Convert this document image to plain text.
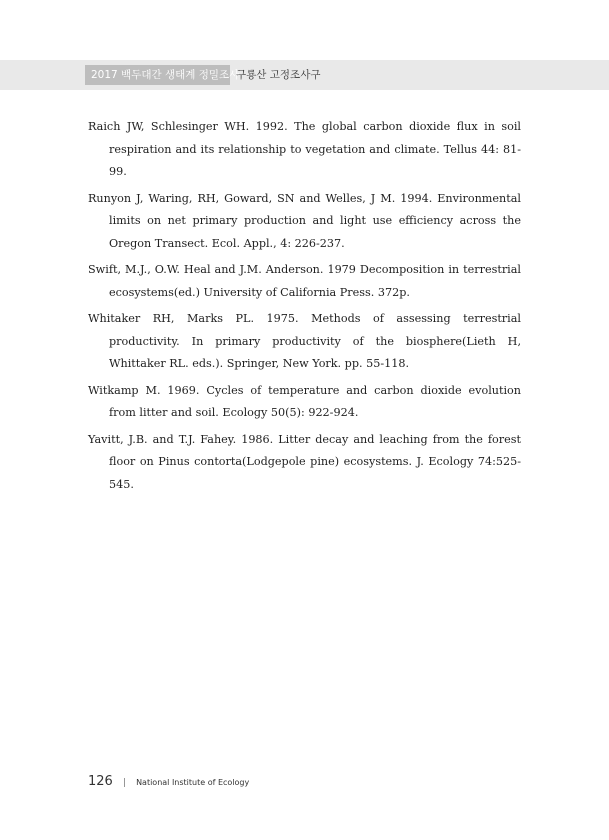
2017 백두대간 생태계 정밀조사
구룡산 고정조사구

Raich JW, Schlesinger WH. 1992. The global carbon dioxide flux in soil respiration and its relationship to vegetation and climate. Tellus 44: 81-99.

Runyon J, Waring, RH, Goward, SN and Welles, J M. 1994. Environmental limits on net primary production and light use efficiency across the Oregon Transect. Ecol. Appl., 4: 226-237.

Swift, M.J., O.W. Heal and J.M. Anderson. 1979 Decomposition in terrestrial ecosystems(ed.) University of California Press. 372p.

Whitaker RH, Marks PL. 1975. Methods of assessing terrestrial productivity. In primary productivity of the biosphere(Lieth H, Whittaker RL. eds.). Springer, New York. pp. 55-118.

Witkamp M. 1969. Cycles of temperature and carbon dioxide evolution from litter and soil. Ecology 50(5): 922-924.

Yavitt, J.B. and T.J. Fahey. 1986. Litter decay and leaching from the forest floor on Pinus contorta(Lodgepole pine) ecosystems. J. Ecology 74:525-545.

126 | National Institute of Ecology
